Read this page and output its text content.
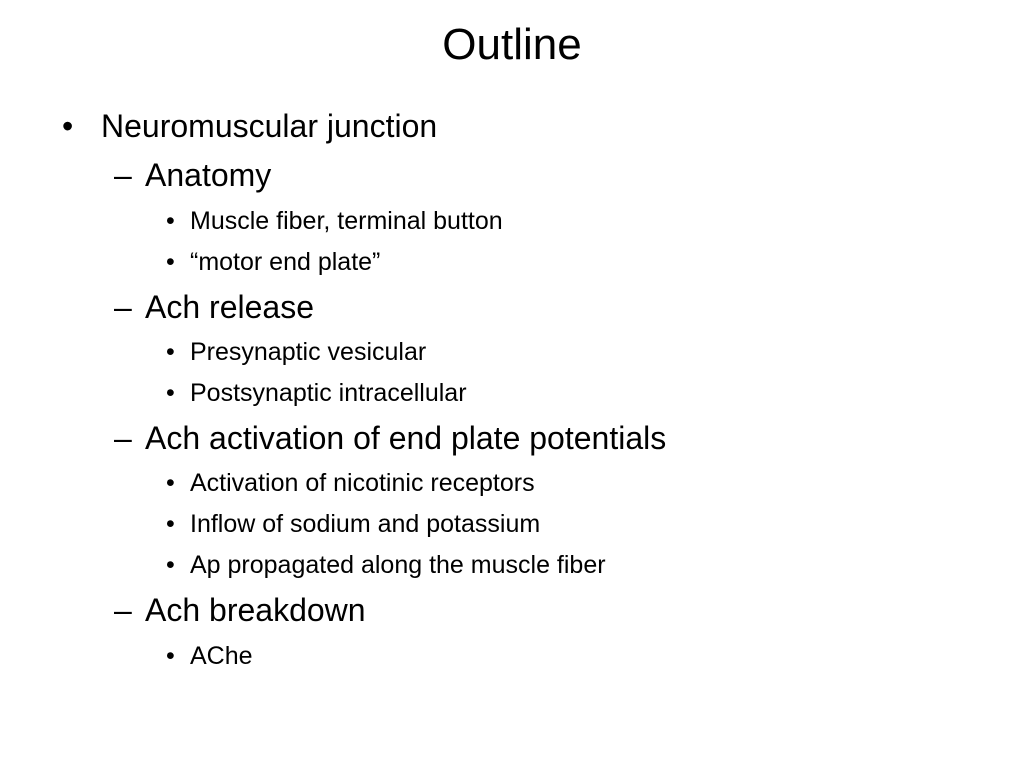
Outline
• Neuromuscular junction
– Anatomy
• Muscle fiber, terminal button
• “motor end plate”
– Ach release
• Presynaptic vesicular
• Postsynaptic intracellular
– Ach activation of end plate potentials
• Activation of nicotinic receptors
• Inflow of sodium and potassium
• Ap propagated along the muscle fiber
– Ach breakdown
• AChe
